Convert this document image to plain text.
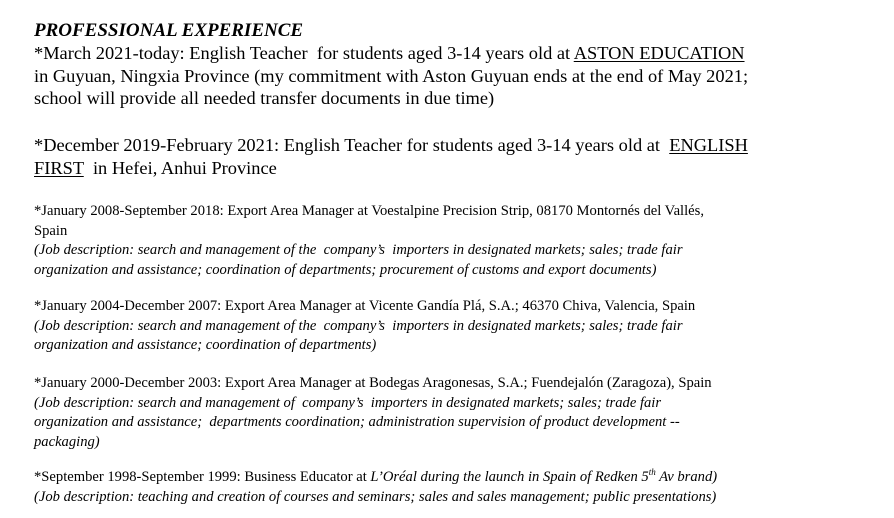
PROFESSIONAL EXPERIENCE
*March 2021-today: English Teacher  for students aged 3-14 years old at ASTON EDUCATION
in Guyuan, Ningxia Province (my commitment with Aston Guyuan ends at the end of May 2021;
school will provide all needed transfer documents in due time)
*December 2019-February 2021: English Teacher for students aged 3-14 years old at  ENGLISH
FIRST  in Hefei, Anhui Province
*January 2008-September 2018: Export Area Manager at Voestalpine Precision Strip, 08170 Montornés del Vallés,
Spain
(Job description: search and management of the  company’s  importers in designated markets; sales; trade fair
organization and assistance; coordination of departments; procurement of customs and export documents)
*January 2004-December 2007: Export Area Manager at Vicente Gandía Plá, S.A.; 46370 Chiva, Valencia, Spain
(Job description: search and management of the  company’s  importers in designated markets; sales; trade fair
organization and assistance; coordination of departments)
*January 2000-December 2003: Export Area Manager at Bodegas Aragonesas, S.A.; Fuendejalón (Zaragoza), Spain
(Job description: search and management of  company’s  importers in designated markets; sales; trade fair
organization and assistance;  departments coordination; administration supervision of product development --
packaging)
*September 1998-September 1999: Business Educator at L’Oréal during the launch in Spain of Redken 5th Av brand)
(Job description: teaching and creation of courses and seminars; sales and sales management; public presentations)
